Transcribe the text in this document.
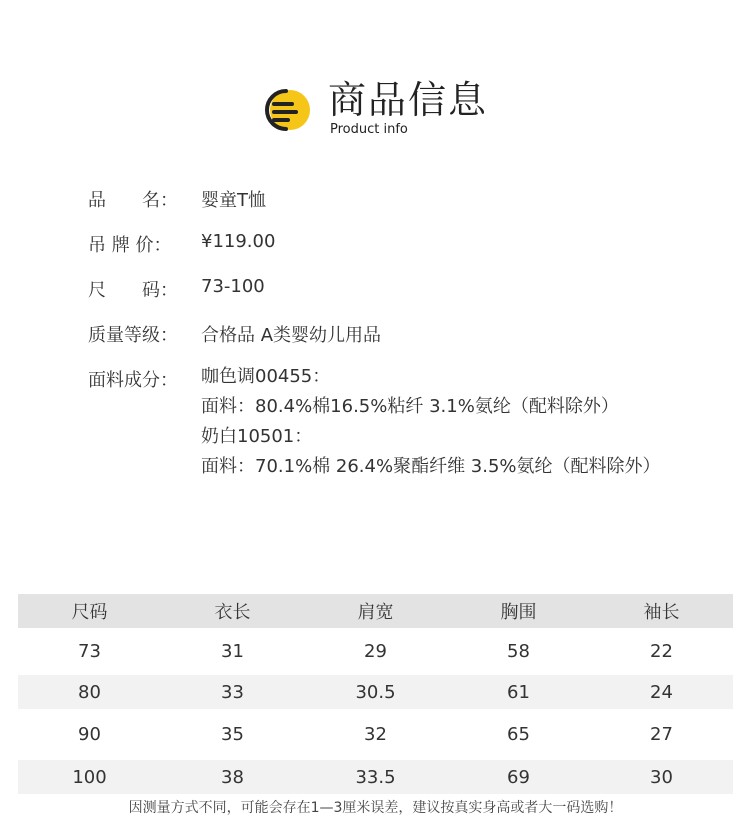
商品信息
Product info
品　　名：	婴童T恤
吊 牌 价：	¥119.00
尺　　码：	73-100
质量等级：	合格品 A类婴幼儿用品
面料成分：	咖色调00455：
面料：80.4%棉16.5%粘纤 3.1%氨纶（配料除外）
奶白10501：
面料：70.1%棉 26.4%聚酯纤维 3.5%氨纶（配料除外）
尺码	衣长	肩宽	胸围	袖长
73	31	29	58	22
80	33	30.5	61	24
90	35	32	65	27
100	38	33.5	69	30
因测量方式不同，可能会存在1—3厘米误差，建议按真实身高或者大一码选购！
